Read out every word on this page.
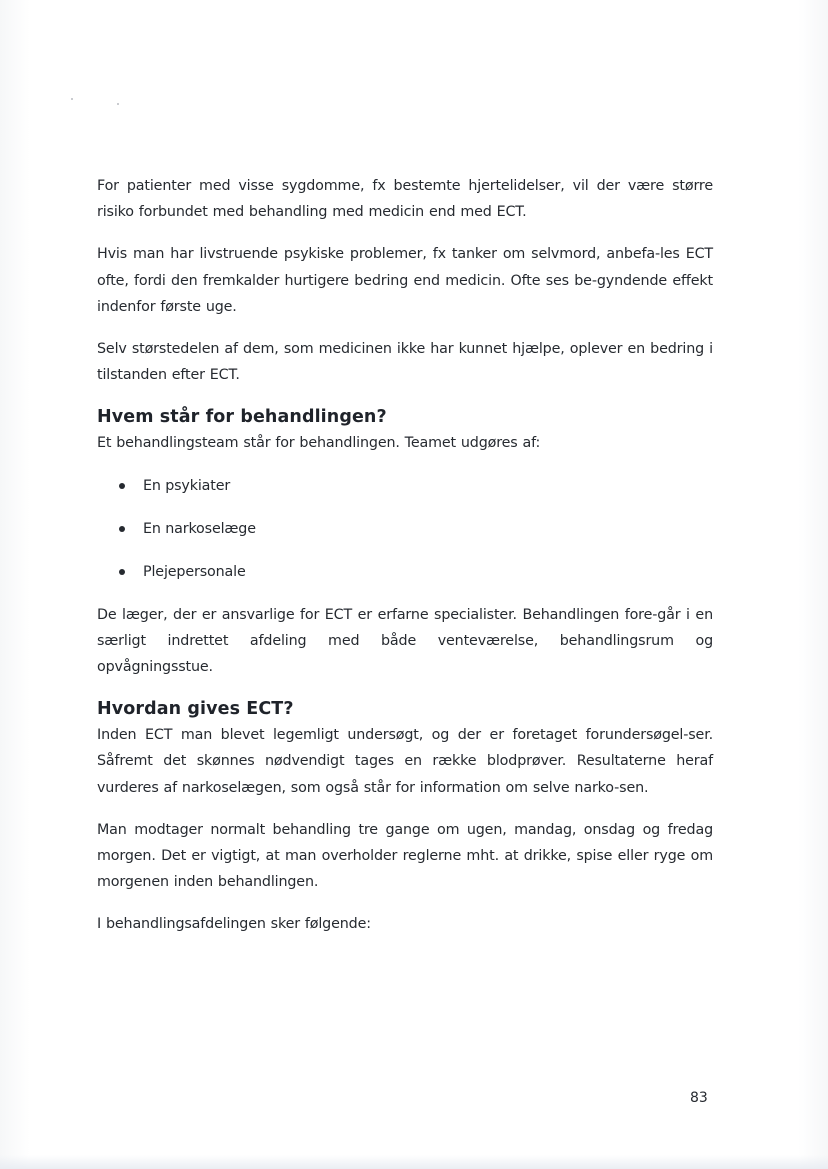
For patienter med visse sygdomme, fx bestemte hjertelidelser, vil der være større risiko forbundet med behandling med medicin end med ECT.

Hvis man har livstruende psykiske problemer, fx tanker om selvmord, anbefa-les ECT ofte, fordi den fremkalder hurtigere bedring end medicin. Ofte ses be-gyndende effekt indenfor første uge.

Selv størstedelen af dem, som medicinen ikke har kunnet hjælpe, oplever en bedring i tilstanden efter ECT.

Hvem står for behandlingen?

Et behandlingsteam står for behandlingen. Teamet udgøres af:

En psykiater
En narkoselæge
Plejepersonale

De læger, der er ansvarlige for ECT er erfarne specialister. Behandlingen fore-går i en særligt indrettet afdeling med både venteværelse, behandlingsrum og opvågningsstue.

Hvordan gives ECT?

Inden ECT man blevet legemligt undersøgt, og der er foretaget forundersøgel-ser. Såfremt det skønnes nødvendigt tages en række blodprøver. Resultaterne heraf vurderes af narkoselægen, som også står for information om selve narko-sen.

Man modtager normalt behandling tre gange om ugen, mandag, onsdag og fredag morgen. Det er vigtigt, at man overholder reglerne mht. at drikke, spise eller ryge om morgenen inden behandlingen.

I behandlingsafdelingen sker følgende:

83
